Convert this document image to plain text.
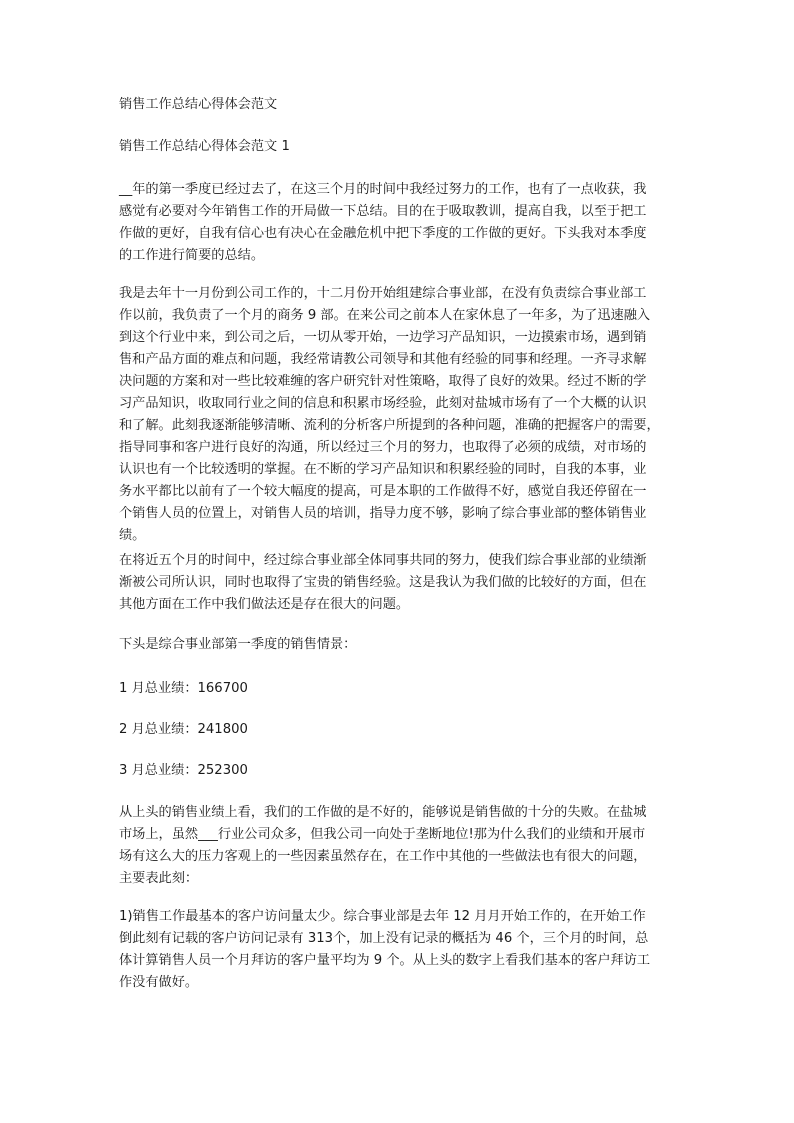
销售工作总结心得体会范文

销售工作总结心得体会范文 1

__年的第一季度已经过去了，在这三个月的时间中我经过努力的工作，也有了一点收获，我
感觉有必要对今年销售工作的开局做一下总结。目的在于吸取教训，提高自我，以至于把工
作做的更好，自我有信心也有决心在金融危机中把下季度的工作做的更好。下头我对本季度
的工作进行简要的总结。
我是去年十一月份到公司工作的，十二月份开始组建综合事业部，在没有负责综合事业部工
作以前，我负责了一个月的商务 9 部。在来公司之前本人在家休息了一年多，为了迅速融入
到这个行业中来，到公司之后，一切从零开始，一边学习产品知识，一边摸索市场，遇到销
售和产品方面的难点和问题，我经常请教公司领导和其他有经验的同事和经理。一齐寻求解
决问题的方案和对一些比较难缠的客户研究针对性策略，取得了良好的效果。经过不断的学
习产品知识，收取同行业之间的信息和积累市场经验，此刻对盐城市场有了一个大概的认识
和了解。此刻我逐渐能够清晰、流利的分析客户所提到的各种问题，准确的把握客户的需要，
指导同事和客户进行良好的沟通，所以经过三个月的努力，也取得了必须的成绩，对市场的
认识也有一个比较透明的掌握。在不断的学习产品知识和积累经验的同时，自我的本事，业
务水平都比以前有了一个较大幅度的提高，可是本职的工作做得不好，感觉自我还停留在一
个销售人员的位置上，对销售人员的培训，指导力度不够，影响了综合事业部的整体销售业
绩。
在将近五个月的时间中，经过综合事业部全体同事共同的努力，使我们综合事业部的业绩渐
渐被公司所认识，同时也取得了宝贵的销售经验。这是我认为我们做的比较好的方面，但在
其他方面在工作中我们做法还是存在很大的问题。

下头是综合事业部第一季度的销售情景：

1 月总业绩：166700

2 月总业绩：241800

3 月总业绩：252300

从上头的销售业绩上看，我们的工作做的是不好的，能够说是销售做的十分的失败。在盐城
市场上，虽然___行业公司众多，但我公司一向处于垄断地位!那为什么我们的业绩和开展市
场有这么大的压力客观上的一些因素虽然存在，在工作中其他的一些做法也有很大的问题，
主要表此刻：
1)销售工作最基本的客户访问量太少。综合事业部是去年 12 月月开始工作的，在开始工作
倒此刻有记载的客户访问记录有 313个，加上没有记录的概括为 46 个，三个月的时间，总
体计算销售人员一个月拜访的客户量平均为 9 个。从上头的数字上看我们基本的客户拜访工
作没有做好。
